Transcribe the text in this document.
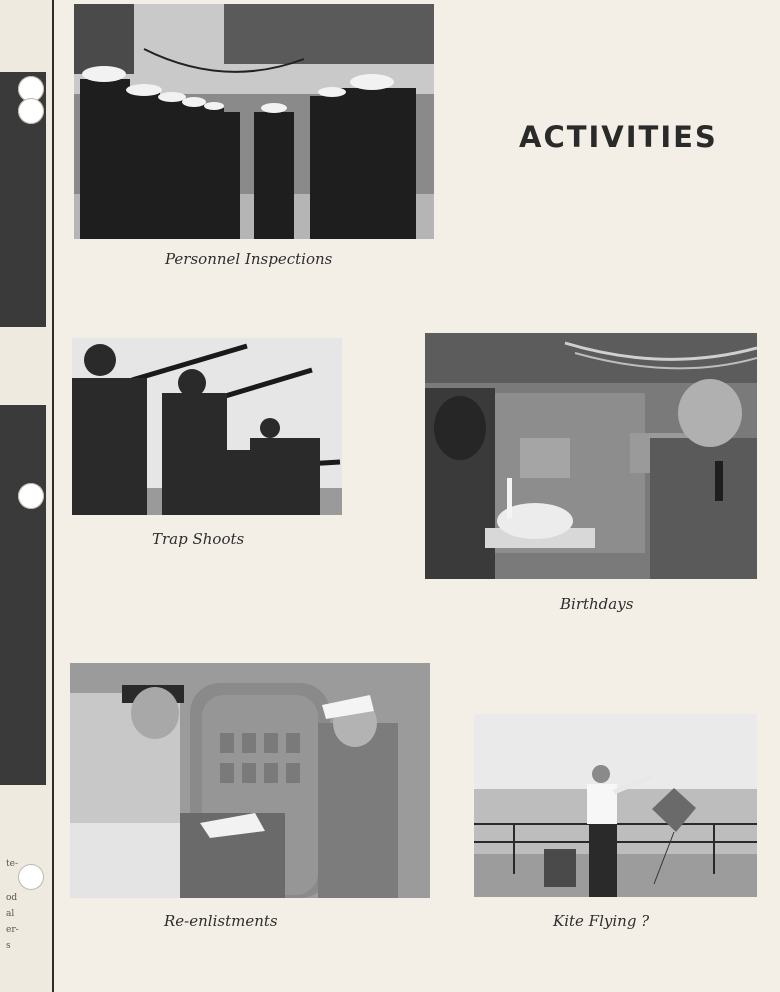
te-
od
al
er-
s
ACTIVITIES
Personnel Inspections
Trap Shoots
Birthdays
Re-enlistments	Kite Flying ?
